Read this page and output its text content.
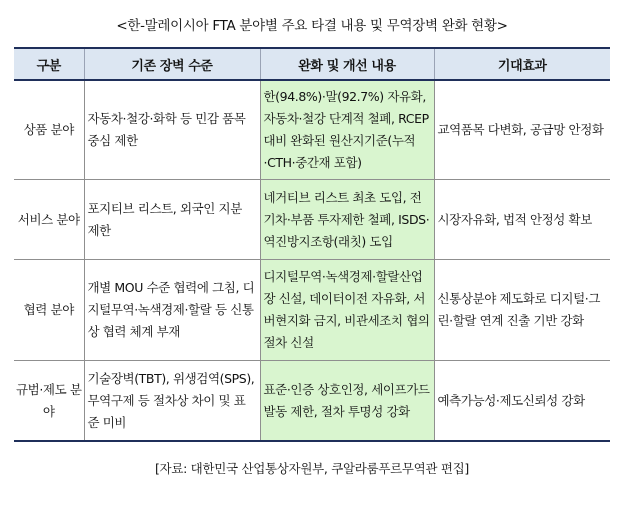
<한-말레이시아 FTA 분야별 주요 타결 내용 및 무역장벽 완화 현황>
구분	기존 장벽 수준	완화 및 개선 내용	기대효과
상품 분야	자동차·철강·화학 등 민감 품목 중심 제한	한(94.8%)·말(92.7%) 자유화, 자동차·철강 단계적 철폐, RCEP 대비 완화된 원산지기준(누적·CTH·중간재 포함)	교역품목 다변화, 공급망 안정화
서비스 분야	포지티브 리스트, 외국인 지분 제한	네거티브 리스트 최초 도입, 전기차·부품 투자제한 철폐, ISDS·역진방지조항(래칫) 도입	시장자유화, 법적 안정성 확보
협력 분야	개별 MOU 수준 협력에 그침, 디지털무역·녹색경제·할랄 등 신통상 협력 체계 부재	디지털무역·녹색경제·할랄산업장 신설, 데이터이전 자유화, 서버현지화 금지, 비관세조치 협의절차 신설	신통상분야 제도화로 디지털·그린·할랄 연계 진출 기반 강화
규범·제도 분야	기술장벽(TBT), 위생검역(SPS), 무역구제 등 절차상 차이 및 표준 미비	표준·인증 상호인정, 세이프가드 발동 제한, 절차 투명성 강화	예측가능성·제도신뢰성 강화
[자료: 대한민국 산업통상자원부, 쿠알라룸푸르무역관 편집]
